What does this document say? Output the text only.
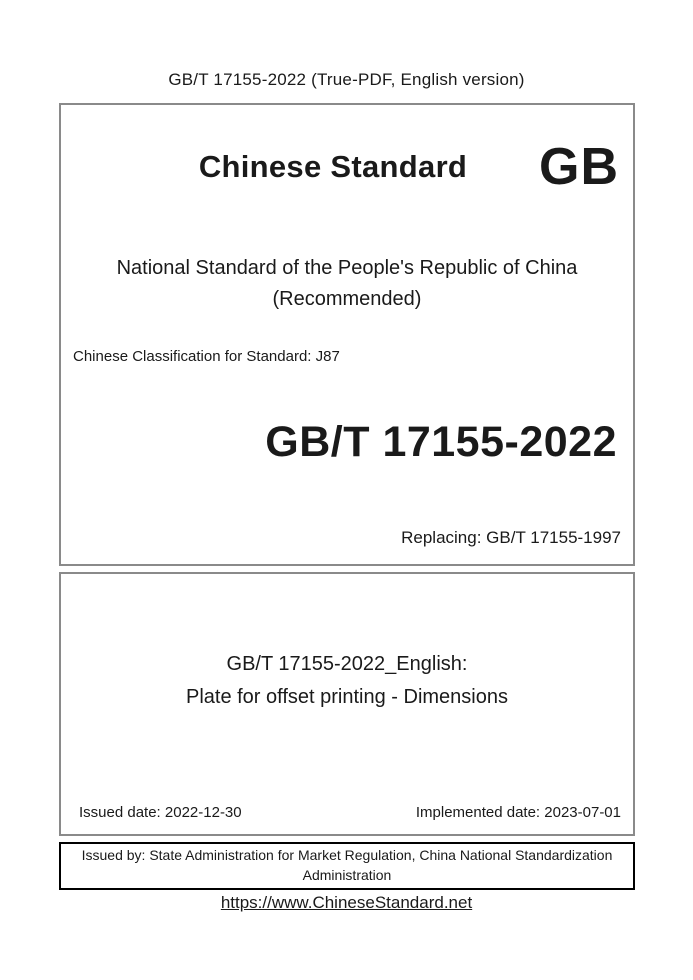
GB/T 17155-2022 (True-PDF, English version)
Chinese Standard	GB
National Standard of the People's Republic of China
(Recommended)
Chinese Classification for Standard: J87
GB/T 17155-2022
Replacing: GB/T 17155-1997
GB/T 17155-2022_English:
Plate for offset printing - Dimensions
Issued date: 2022-12-30	Implemented date: 2023-07-01
Issued by: State Administration for Market Regulation, China National Standardization
Administration
https://www.ChineseStandard.net
